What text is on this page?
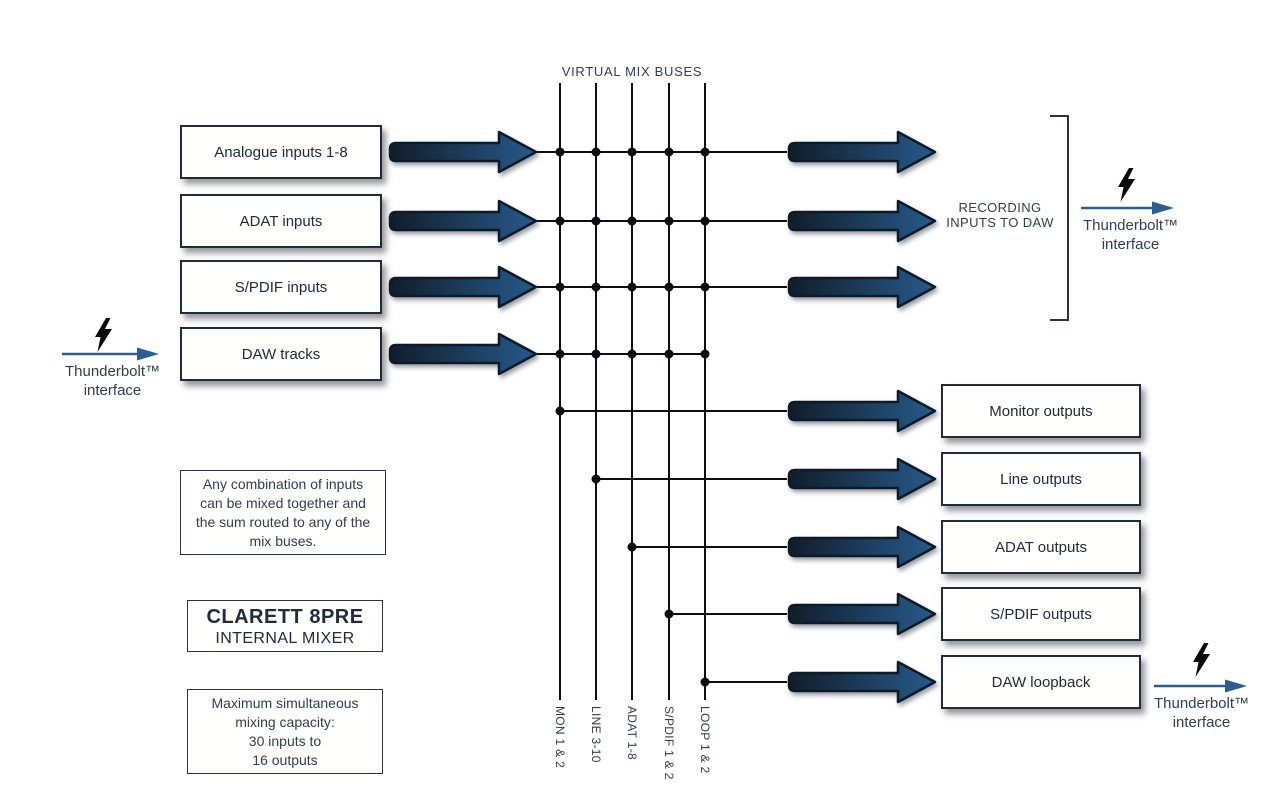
VIRTUAL MIX BUSES
Analogue inputs 1-8
ADAT inputs
S/PDIF inputs
DAW tracks
Monitor outputs
Line outputs
ADAT outputs
S/PDIF outputs
DAW loopback
RECORDING
INPUTS TO DAW
Thunderbolt™
interface
Thunderbolt™
interface
Thunderbolt™
interface
MON 1 & 2 LINE 3-10 ADAT 1-8 S/PDIF 1 & 2 LOOP 1 & 2
Any combination of inputs
can be mixed together and
the sum routed to any of the
mix buses.
CLARETT 8PRE
INTERNAL MIXER
Maximum simultaneous
mixing capacity:
30 inputs to
16 outputs
